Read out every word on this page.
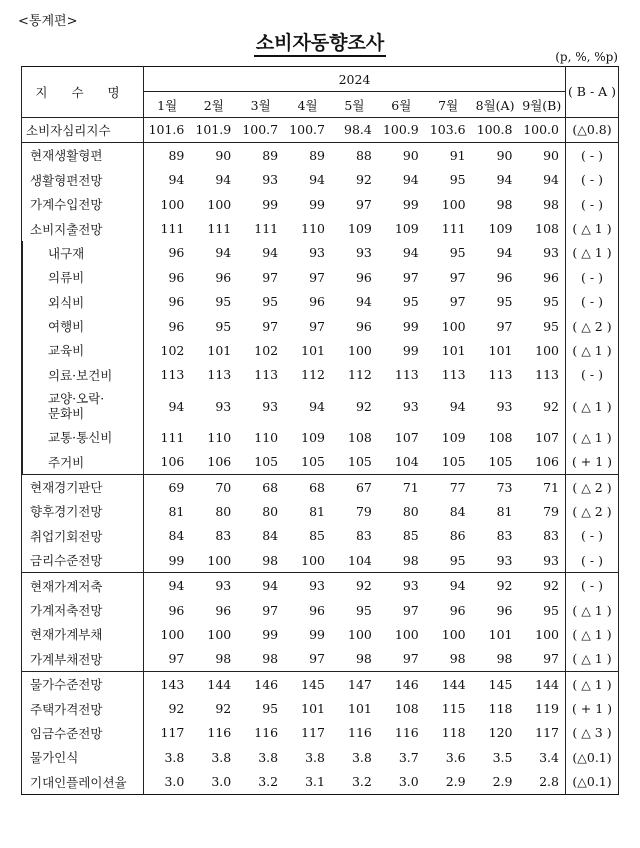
<통계편>
소비자동향조사
(p, %, %p)
지 수 명	2024									( B - A )
	1월	2월	3월	4월	5월	6월	7월	8월(A)	9월(B)	
소비자심리지수	101.6	101.9	100.7	100.7	98.4	100.9	103.6	100.8	100.0	(△0.8)
현재생활형편	89	90	89	89	88	90	91	90	90	( - )
생활형편전망	94	94	93	94	92	94	95	94	94	( - )
가계수입전망	100	100	99	99	97	99	100	98	98	( - )
소비지출전망	111	111	111	110	109	109	111	109	108	( △ 1 )
내구재	96	94	94	93	93	94	95	94	93	( △ 1 )
의류비	96	96	97	97	96	97	97	96	96	( - )
외식비	96	95	95	96	94	95	97	95	95	( - )
여행비	96	95	97	97	96	99	100	97	95	( △ 2 )
교육비	102	101	102	101	100	99	101	101	100	( △ 1 )
의료·보건비	113	113	113	112	112	113	113	113	113	( - )

교양·오락·
문화비	94	93	93	94	92	93	94	93	92	( △ 1 )
교통·통신비	111	110	110	109	108	107	109	108	107	( △ 1 )
주거비	106	106	105	105	105	104	105	105	106	( + 1 )
현재경기판단	69	70	68	68	67	71	77	73	71	( △ 2 )
향후경기전망	81	80	80	81	79	80	84	81	79	( △ 2 )
취업기회전망	84	83	84	85	83	85	86	83	83	( - )
금리수준전망	99	100	98	100	104	98	95	93	93	( - )
현재가계저축	94	93	94	93	92	93	94	92	92	( - )
가계저축전망	96	96	97	96	95	97	96	96	95	( △ 1 )
현재가계부채	100	100	99	99	100	100	100	101	100	( △ 1 )
가계부채전망	97	98	98	97	98	97	98	98	97	( △ 1 )
물가수준전망	143	144	146	145	147	146	144	145	144	( △ 1 )
주택가격전망	92	92	95	101	101	108	115	118	119	( + 1 )
임금수준전망	117	116	116	117	116	116	118	120	117	( △ 3 )
물가인식	3.8	3.8	3.8	3.8	3.8	3.7	3.6	3.5	3.4	(△0.1)
기대인플레이션율	3.0	3.0	3.2	3.1	3.2	3.0	2.9	2.9	2.8	(△0.1)
